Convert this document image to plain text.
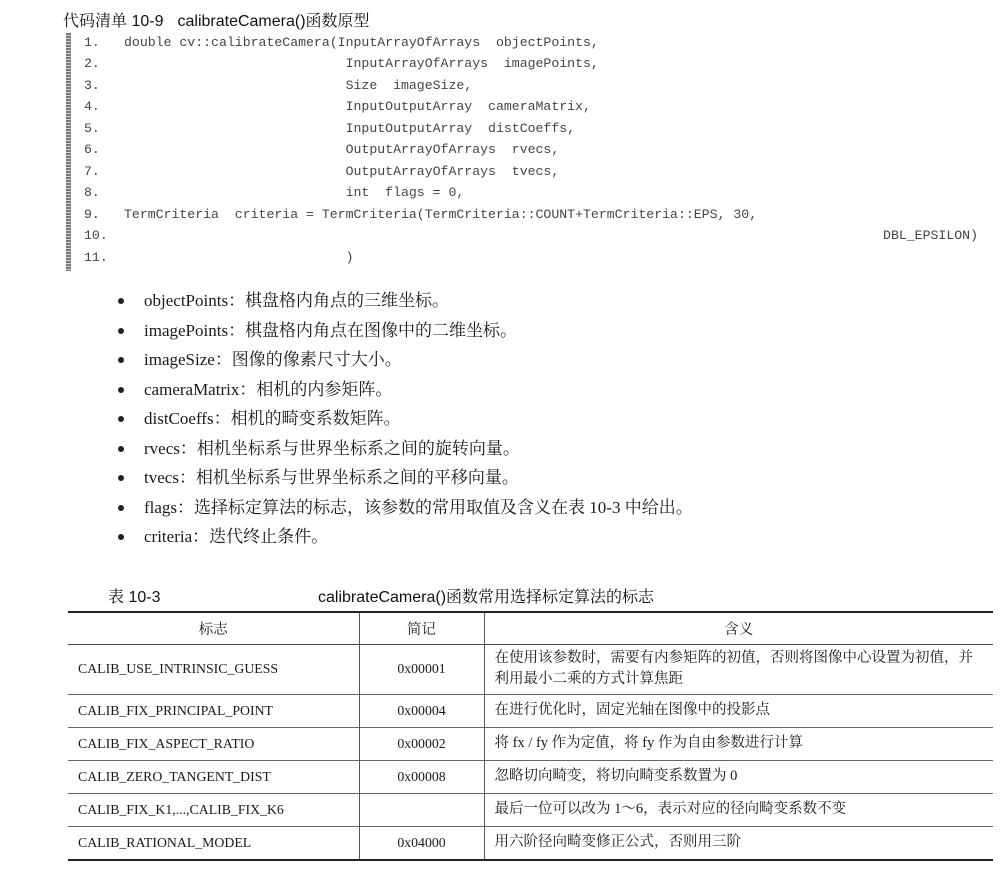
代码清单 10-9 calibrateCamera()函数原型
1. double cv::calibrateCamera(InputArrayOfArrays  objectPoints,
2. InputArrayOfArrays  imagePoints,
3. Size  imageSize,
4. InputOutputArray  cameraMatrix,
5. InputOutputArray  distCoeffs,
6. OutputArrayOfArrays  rvecs,
7. OutputArrayOfArrays  tvecs,
8. int  flags = 0,
9. TermCriteria  criteria = TermCriteria(TermCriteria::COUNT+TermCriteria::EPS, 30,
10.	DBL_EPSILON)
11. )
objectPoints：棋盘格内角点的三维坐标。
imagePoints：棋盘格内角点在图像中的二维坐标。
imageSize：图像的像素尺寸大小。
cameraMatrix：相机的内参矩阵。
distCoeffs：相机的畸变系数矩阵。
rvecs：相机坐标系与世界坐标系之间的旋转向量。
tvecs：相机坐标系与世界坐标系之间的平移向量。
flags：选择标定算法的标志，该参数的常用取值及含义在表 10-3 中给出。
criteria：迭代终止条件。
表 10-3	calibrateCamera()函数常用选择标定算法的标志
标志	简记	含义
CALIB_USE_INTRINSIC_GUESS	0x00001	在使用该参数时，需要有内参矩阵的初值，否则将图像中心设置为初值，并利用最小二乘的方式计算焦距
CALIB_FIX_PRINCIPAL_POINT	0x00004	在进行优化时，固定光轴在图像中的投影点
CALIB_FIX_ASPECT_RATIO	0x00002	将 fx / fy 作为定值，将 fy 作为自由参数进行计算
CALIB_ZERO_TANGENT_DIST	0x00008	忽略切向畸变，将切向畸变系数置为 0
CALIB_FIX_K1,...,CALIB_FIX_K6		最后一位可以改为 1～6，表示对应的径向畸变系数不变
CALIB_RATIONAL_MODEL	0x04000	用六阶径向畸变修正公式，否则用三阶
